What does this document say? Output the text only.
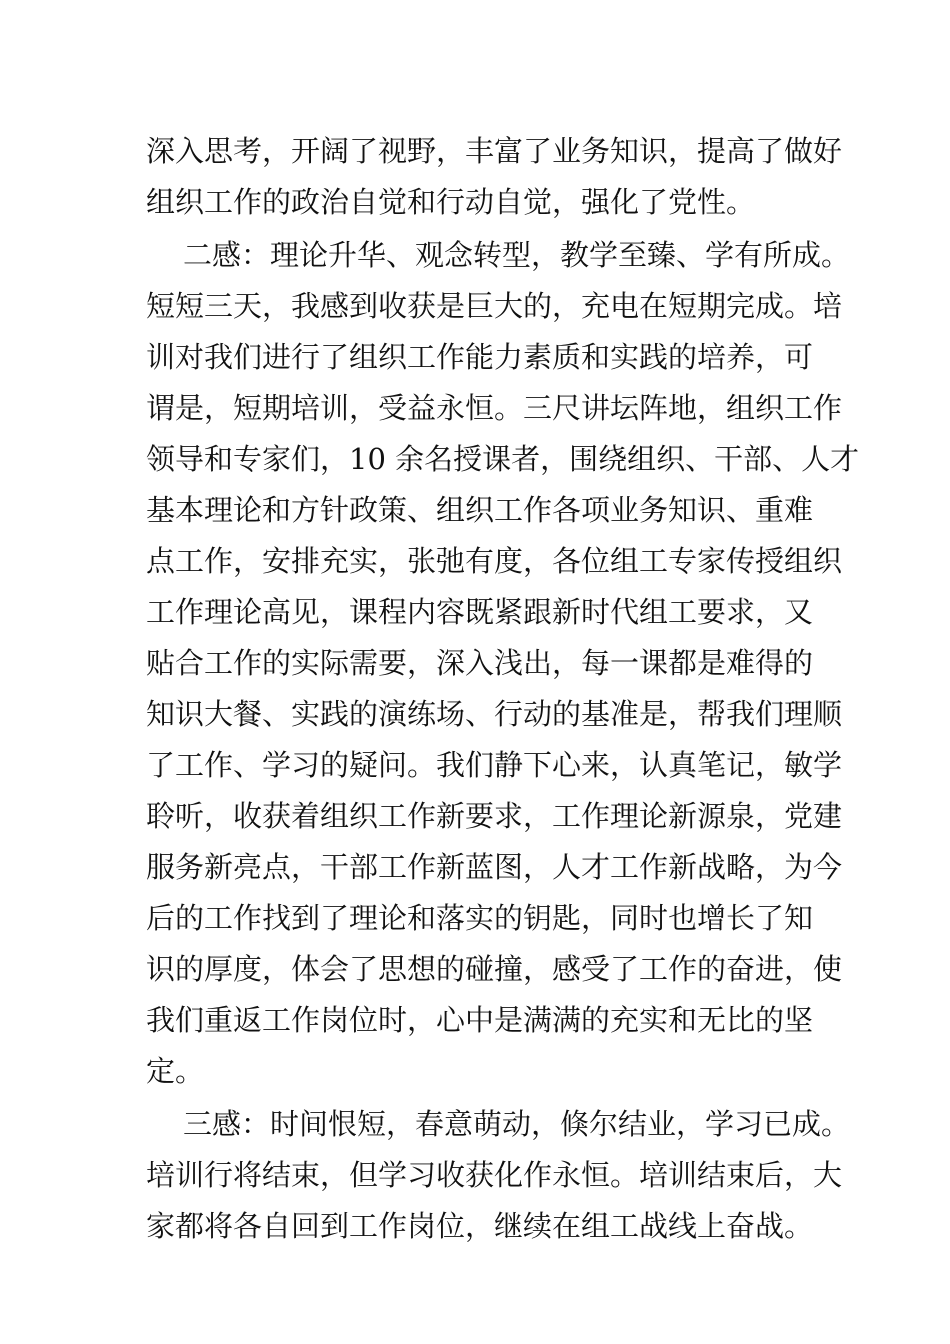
深入思考，开阔了视野，丰富了业务知识，提高了做好
组织工作的政治自觉和行动自觉，强化了党性。
二感：理论升华、观念转型，教学至臻、学有所成。
短短三天，我感到收获是巨大的，充电在短期完成。培
训对我们进行了组织工作能力素质和实践的培养，可
谓是，短期培训，受益永恒。三尺讲坛阵地，组织工作
领导和专家们，10 余名授课者，围绕组织、干部、人才
基本理论和方针政策、组织工作各项业务知识、重难
点工作，安排充实，张弛有度，各位组工专家传授组织
工作理论高见，课程内容既紧跟新时代组工要求，又
贴合工作的实际需要，深入浅出，每一课都是难得的
知识大餐、实践的演练场、行动的基准是，帮我们理顺
了工作、学习的疑问。我们静下心来，认真笔记，敏学
聆听，收获着组织工作新要求，工作理论新源泉，党建
服务新亮点，干部工作新蓝图，人才工作新战略，为今
后的工作找到了理论和落实的钥匙，同时也增长了知
识的厚度，体会了思想的碰撞，感受了工作的奋进，使
我们重返工作岗位时，心中是满满的充实和无比的坚
定。
三感：时间恨短，春意萌动，倏尔结业，学习已成。
培训行将结束，但学习收获化作永恒。培训结束后，大
家都将各自回到工作岗位，继续在组工战线上奋战。
